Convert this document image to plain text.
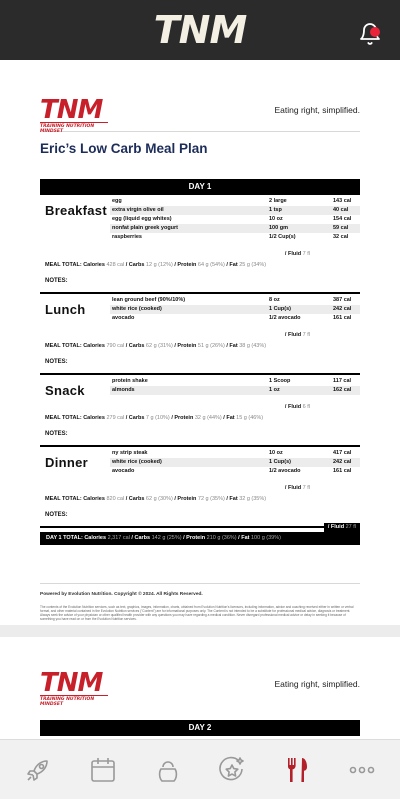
TNM
TNM
TRAINING NUTRITION MINDSET
Eating right, simplified.
Eric’s Low Carb Meal Plan
DAY 1
Breakfast
egg	2 large	143 cal
extra virgin olive oil	1 tsp	40 cal
egg (liquid egg whites)	10 oz	154 cal
nonfat plain greek yogurt	100 gm	59 cal
raspberries	1/2 Cup(s)	32 cal
/ Fluid 7 fl
MEAL TOTAL: Calories 428 cal / Carbs 12 g (12%) / Protein 64 g (54%) / Fat 25 g (34%)
NOTES:
Lunch
lean ground beef (90%/10%)	8 oz	387 cal
white rice (cooked)	1 Cup(s)	242 cal
avocado	1/2 avocado	161 cal
/ Fluid 7 fl
MEAL TOTAL: Calories 790 cal / Carbs 62 g (31%) / Protein 51 g (26%) / Fat 38 g (43%)
NOTES:
Snack
protein shake	1 Scoop	117 cal
almonds	1 oz	162 cal
/ Fluid 6 fl
MEAL TOTAL: Calories 279 cal / Carbs 7 g (10%) / Protein 32 g (44%) / Fat 15 g (46%)
NOTES:
Dinner
ny strip steak	10 oz	417 cal
white rice (cooked)	1 Cup(s)	242 cal
avocado	1/2 avocado	161 cal
/ Fluid 7 fl
MEAL TOTAL: Calories 820 cal / Carbs 62 g (30%) / Protein 72 g (35%) / Fat 32 g (35%)
NOTES:
/ Fluid 27 fl
DAY 1 TOTAL: Calories 2,317 cal / Carbs 142 g (25%) / Protein 210 g (36%) / Fat 100 g (39%)
Powered by Evolution Nutrition. Copyright © 2024. All Rights Reserved.
The contents of the Evolution Nutrition services, such as text, graphics, images, information, charts, obtained from Evolution Nutrition's licensors, including information, advice and coaching received either in written or verbal format, and other material contained in the Evolution Nutrition services ("Content") are for informational purposes only. The Content is not intended to be a substitute for professional medical advice, diagnosis or treatment. Always seek the advice of your physician or other qualified health provider with any questions you may have regarding a medical condition. Never disregard professional medical advice or delay in seeking it because of something you have read on or from the Evolution Nutrition services.
TNM
TRAINING NUTRITION MINDSET
Eating right, simplified.
DAY 2
